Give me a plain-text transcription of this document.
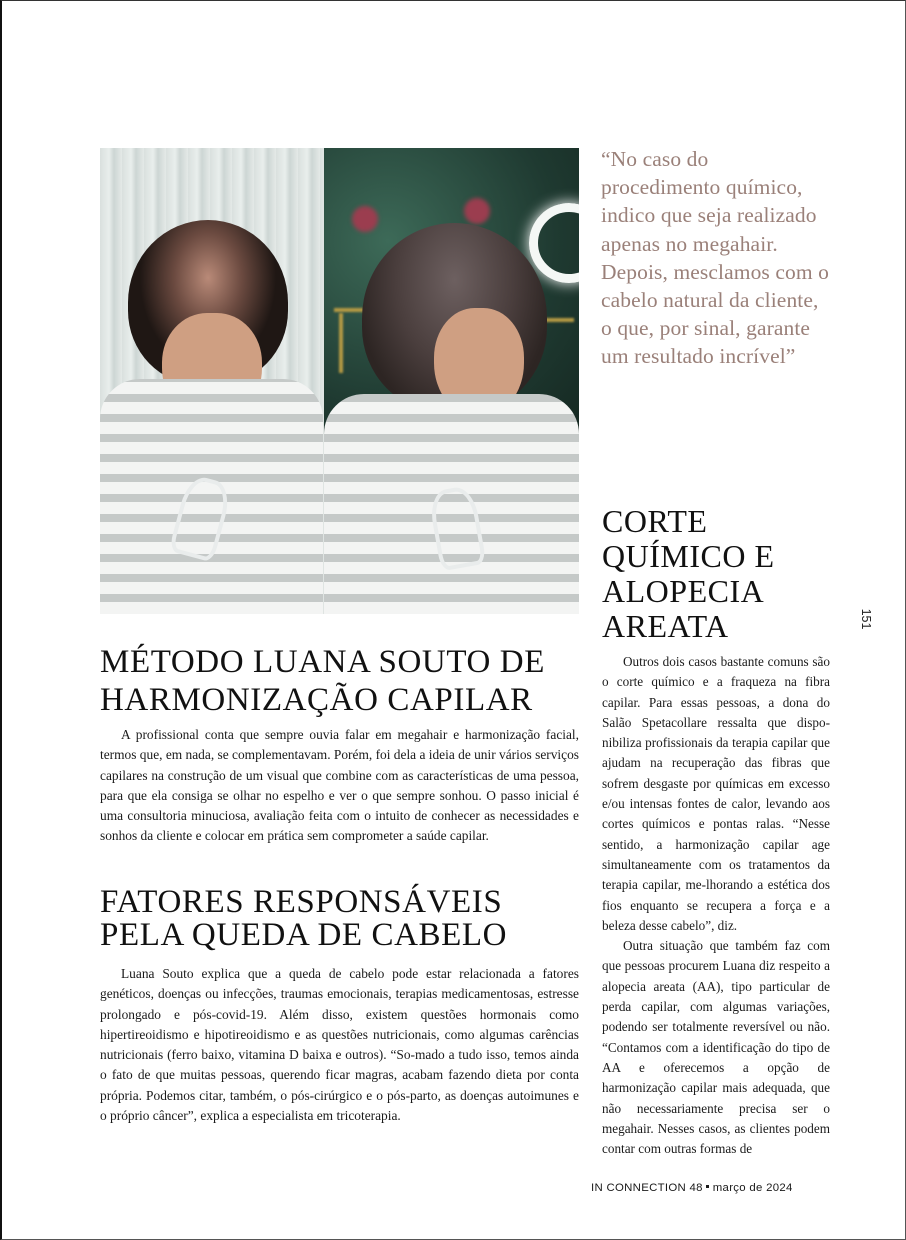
“No caso do procedimento químico, indico que seja realizado apenas no megahair. Depois, mesclamos com o cabelo natural da cliente, o que, por sinal, garante um resultado incrível”
CORTE QUÍMICO E ALOPECIA AREATA	151
MÉTODO LUANA SOUTO DE HARMONIZAÇÃO CAPILAR

A profissional conta que sempre ouvia falar em megahair e harmonização facial, termos que, em nada, se complementavam. Porém, foi dela a ideia de unir vários serviços capilares na construção de um visual que combine com as características de uma pessoa, para que ela consiga se olhar no espelho e ver o que sempre sonhou. O passo inicial é uma consultoria minuciosa, avaliação feita com o intuito de conhecer as necessidades e sonhos da cliente e colocar em prática sem comprometer a saúde capilar.

FATORES RESPONSÁVEIS PELA QUEDA DE CABELO

Luana Souto explica que a queda de cabelo pode estar relacionada a fatores genéticos, doenças ou infecções, traumas emocionais, terapias medicamentosas, estresse prolongado e pós-covid-19. Além disso, existem questões hormonais como hipertireoidismo e hipotireoidismo e as questões nutricionais, como algumas carências nutricionais (ferro baixo, vitamina D baixa e outros). “So-mado a tudo isso, temos ainda o fato de que muitas pessoas, querendo ficar magras, acabam fazendo dieta por conta própria. Podemos citar, também, o pós-cirúrgico e o pós-parto, as doenças autoimunes e o próprio câncer”, explica a especialista em tricoterapia.

Outros dois casos bastante comuns são o corte químico e a fraqueza na fibra capilar. Para essas pessoas, a dona do Salão Spetacollare ressalta que dispo-nibiliza profissionais da terapia capilar que ajudam na recuperação das fibras que sofrem desgaste por químicas em excesso e/ou intensas fontes de calor, levando aos cortes químicos e pontas ralas. “Nesse sentido, a harmonização capilar age simultaneamente com os tratamentos da terapia capilar, me-lhorando a estética dos fios enquanto se recupera a força e a beleza desse cabelo”, diz.

Outra situação que também faz com que pessoas procurem Luana diz respeito a alopecia areata (AA), tipo particular de perda capilar, com algumas variações, podendo ser totalmente reversível ou não. “Contamos com a identificação do tipo de AA e oferecemos a opção de harmonização capilar mais adequada, que não necessariamente precisa ser o megahair. Nesses casos, as clientes podem contar com outras formas de

IN CONNECTION 48 março de 2024
